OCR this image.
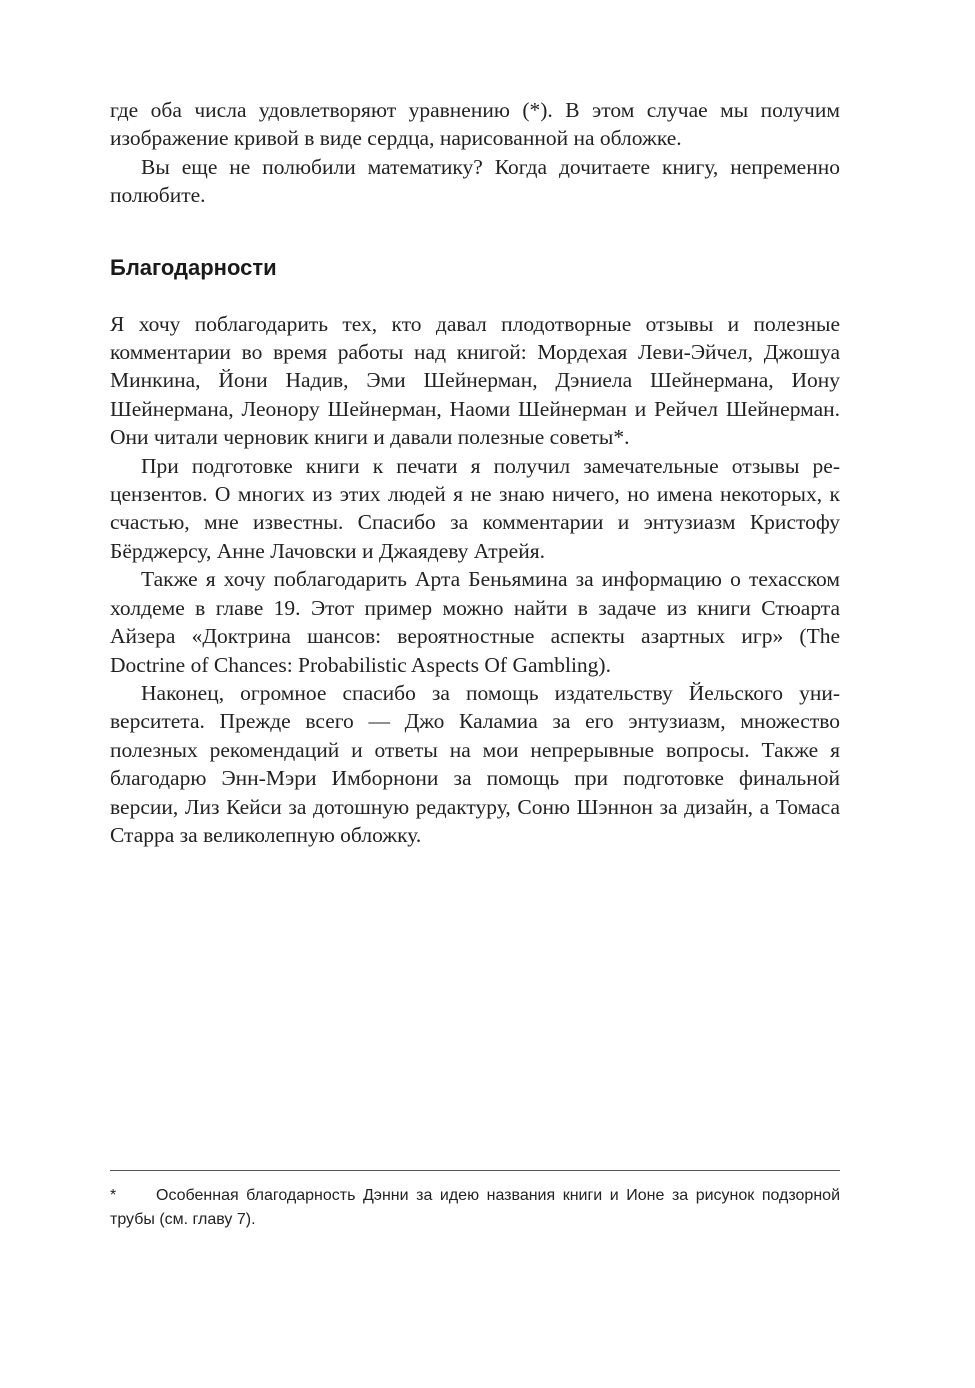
где оба числа удовлетворяют уравнению (*). В этом случае мы получим изображение кривой в виде сердца, нарисованной на обложке.

Вы еще не полюбили математику? Когда дочитаете книгу, непременно полюбите.

Благодарности

Я хочу поблагодарить тех, кто давал плодотворные отзывы и полезные комментарии во время работы над книгой: Мордехая Леви-Эйчел, Джошуа Минкина, Йони Надив, Эми Шейнерман, Дэниела Шейнермана, Иону Шейнермана, Леонору Шейнерман, Наоми Шейнерман и Рейчел Шейнерман. Они читали черновик книги и давали полезные советы*.

При подготовке книги к печати я получил замечательные отзывы рецензентов. О многих из этих людей я не знаю ничего, но имена некоторых, к счастью, мне известны. Спасибо за комментарии и энтузиазм Кристофу Бёрджерсу, Анне Лачовски и Джаядеву Атрейя.

Также я хочу поблагодарить Арта Беньямина за информацию о техасском холдеме в главе 19. Этот пример можно найти в задаче из книги Стюарта Айзера «Доктрина шансов: вероятностные аспекты азартных игр» (The Doctrine of Chances: Probabilistic Aspects Of Gambling).

Наконец, огромное спасибо за помощь издательству Йельского университета. Прежде всего — Джо Каламиа за его энтузиазм, множество полезных рекомендаций и ответы на мои непрерывные вопросы. Также я благодарю Энн-Мэри Имборнони за помощь при подготовке финальной версии, Лиз Кейси за дотошную редактуру, Соню Шэннон за дизайн, а Томаса Старра за великолепную обложку.

* Особенная благодарность Дэнни за идею названия книги и Ионе за рисунок подзорной трубы (см. главу 7).
